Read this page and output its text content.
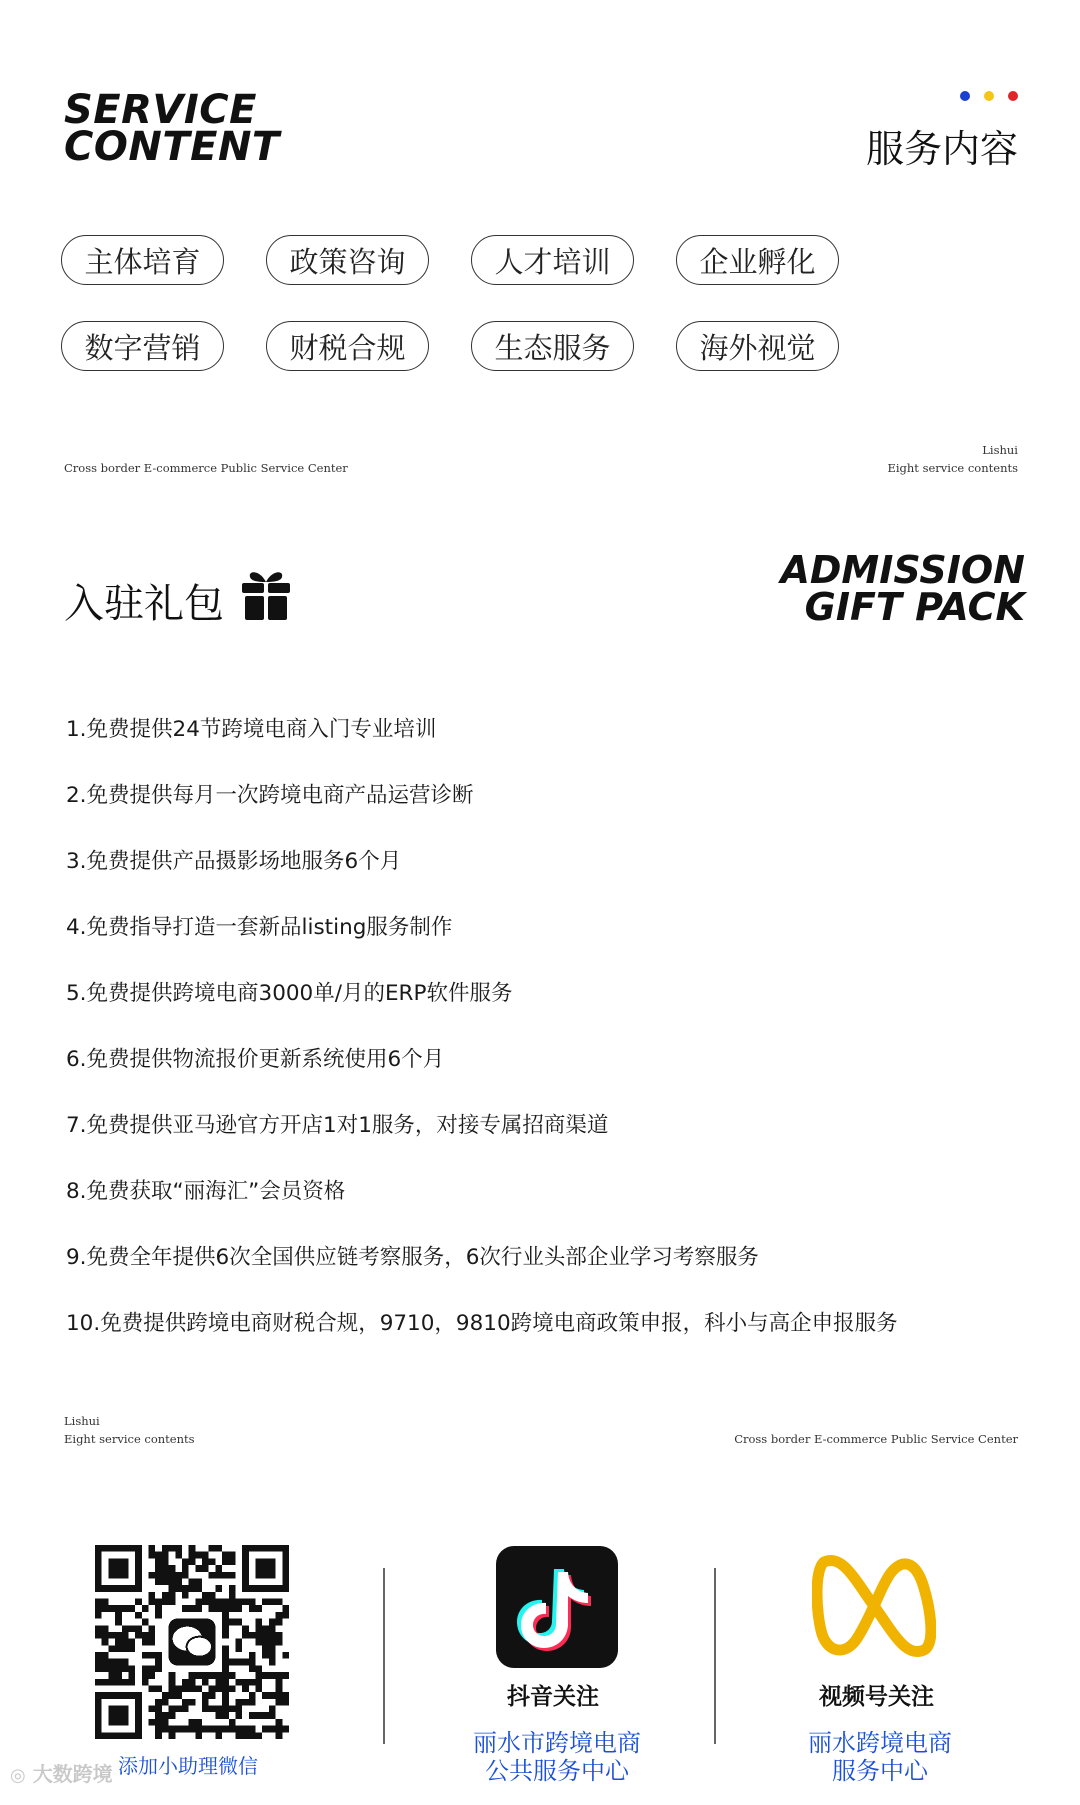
SERVICE
CONTENT	服务内容
主体培育	政策咨询	人才培训	企业孵化
数字营销	财税合规	生态服务	海外视觉
Cross border E-commerce Public Service Center
Lishui
Eight service contents
入驻礼包
ADMISSION
GIFT PACK
1.免费提供24节跨境电商入门专业培训
2.免费提供每月一次跨境电商产品运营诊断
3.免费提供产品摄影场地服务6个月
4.免费指导打造一套新品listing服务制作
5.免费提供跨境电商3000单/月的ERP软件服务
6.免费提供物流报价更新系统使用6个月
7.免费提供亚马逊官方开店1对1服务，对接专属招商渠道
8.免费获取“丽海汇”会员资格
9.免费全年提供6次全国供应链考察服务，6次行业头部企业学习考察服务
10.免费提供跨境电商财税合规，9710，9810跨境电商政策申报，科小与高企申报服务
Lishui
Eight service contents	Cross border E-commerce Public Service Center
添加小助理微信
抖音关注
丽水市跨境电商
公共服务中心
视频号关注
丽水跨境电商
服务中心
◎ 大数跨境
